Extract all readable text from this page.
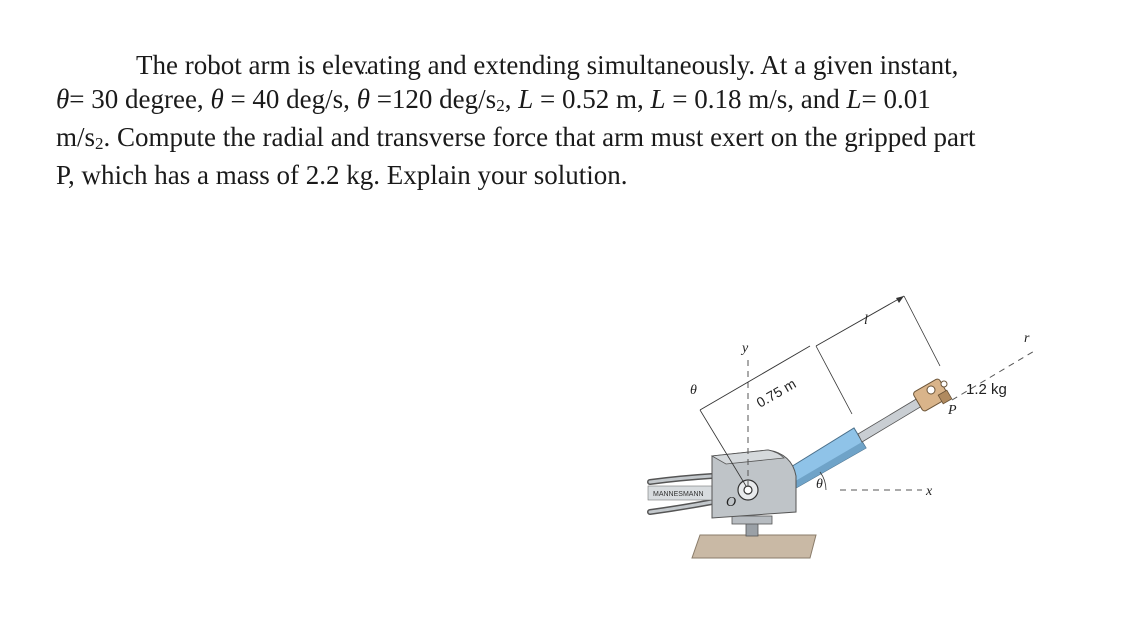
The robot arm is elevating and extending simultaneously. At a given instant,
θ= 30 degree, ˙ θ = 40 deg/s, ¨ θ =120 deg/s2, L = 0.52 m, ˙ L = 0.18 m/s, and ¨ L= 0.01
m/s2. Compute the radial and transverse force that arm must exert on the gripped part
P, which has a mass of 2.2 kg. Explain your solution.
MANNESMANN
y
x
r
0.75 m
l
θ
θ
O
1.2 kg
P
